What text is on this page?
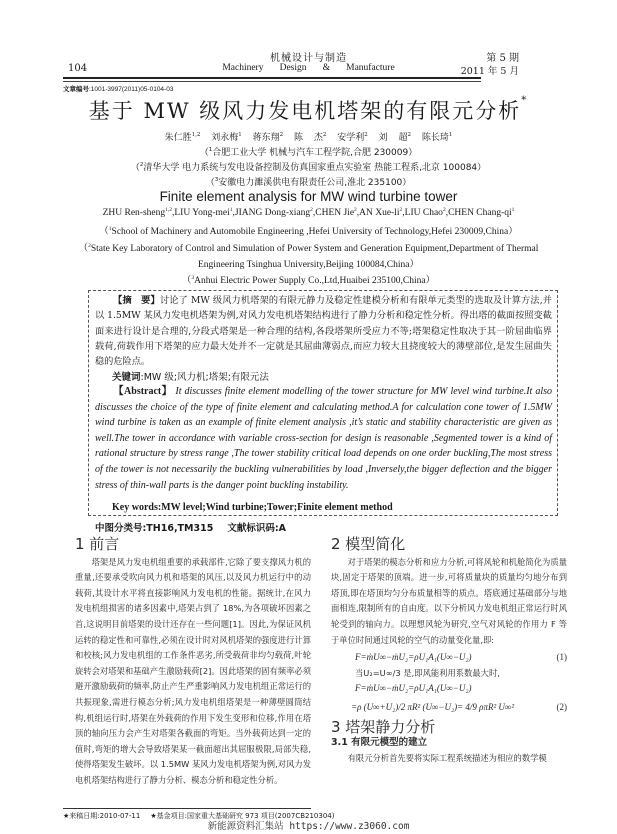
机械设计与制造	第 5 期
104	Machinery   Design   &   Manufacture	2011 年 5 月
文章编号:1001-3997(2011)05-0104-03
基于 MW 级风力发电机塔架的有限元分析*
朱仁胜$^{1,2}$ 刘永梅$^1$ 蒋东翔$^2$ 陈 杰$^2$ 安学利$^2$ 刘 超$^2$ 陈长琦$^1$
（$^1$合肥工业大学 机械与汽车工程学院,合肥 230009）
（$^2$清华大学 电力系统与发电设备控制及仿真国家重点实验室 热能工程系,北京 100084）
（$^3$安徽电力濉溪供电有限责任公司,淮北 235100）
Finite element analysis for MW wind turbine tower
ZHU Ren-sheng$^{1,2}$,LIU Yong-mei$^1$,JIANG Dong-xiang$^2$,CHEN Jie$^2$,AN Xue-$li^2,LIU$ Chao$^2$,CHEN Chang-$qi^1$
（$^1$School of Machinery and Automobile Engineering ,Hefei University of Technology,Hefei 230009,China）
（$^2$State Key Laboratory of Control and Simulation of Power System and Generation Equipment,Department of Thermal
Engineering Tsinghua University,Beijing 100084,China）
（$^3$Anhui Electric Power Supply Co.,Ltd,Huaibei 235100,China）
【摘　要】讨论了 MW 级风力机塔架的有限元静力及稳定性建模分析和有限单元类型的选取及计算方法,并以 1.5MW 某风力发电机塔架为例,对风力发电机塔架结构进行了静力分析和稳定性分析。得出塔的截面按照变截面来进行设计是合理的,分段式塔架是一种合理的结构,各段塔架所受应力不等;塔架稳定性取决于其一阶屈曲临界载荷,荷载作用下塔架的应力最大处并不一定就是其屈曲薄弱点,而应力较大且挠度较大的薄壁部位,是发生屈曲失稳的危险点。
关键词:MW 级;风力机;塔架;有限元法
【Abstract】 It discusses finite element modelling of the tower structure for MW level wind turbine.It also discusses the choice of the type of finite element and calculating method.A for calculation cone tower of 1.5MW wind turbine is taken as an example of finite element analysis ,it’s static and stability characteristic are given as well.The tower in accordance with variable cross-section for design is reasonable ,Segmented tower is a kind of rational structure by stress range ,The tower stability critical load depends on one order buckling,The most stress of the tower is not necessarily the buckling vulnerabilities by load ,Inversely,the bigger deflection and the bigger stress of thin-wall parts is the danger point buckling instability.
Key words:MW level;Wind turbine;Tower;Finite element method
中图分类号:TH16,TM315 文献标识码:A
1 前言

塔架是风力发电机组重要的承载部件,它除了要支撑风力机的重量,还要承受吹向风力机和塔架的风压,以及风力机运行中的动载荷,其设计水平将直接影响风力发电机的性能。据统计,在风力发电机组损害的诸多因素中,塔架占到了 18%,为各项破坏因素之首,这说明目前塔架的设计还存在一些问题[1]。因此,为保证风机运转的稳定性和可靠性,必须在设计时对风机塔架的强度进行计算和校核;风力发电机组的工作条件恶劣,所受载荷非均匀载荷,叶轮旋转会对塔架和基础产生激励载荷[2]。因此塔架的固有频率必须避开激励载荷的频率,防止产生严重影响风力发电机组正常运行的共振现象,需进行模态分析;风力发电机组塔架是一种薄壁圆筒结构,机组运行时,塔架在外载荷的作用下发生变形和位移,作用在塔顶的轴向压力会产生对塔架各截面的弯矩。当外载荷达到一定的值时,弯矩的增大会导致塔架某一截面超出其屈服极限,局部失稳,使得塔架发生破坏。以 1.5MW 某风力发电机塔架为例,对风力发电机塔架结构进行了静力分析、模态分析和稳定性分析。

2 模型简化

对于塔架的模态分析和应力分析,可将风轮和机舱简化为质量块,固定于塔架的顶端。进一步,可将质量块的质量均匀地分布到塔顶,即在塔顶均匀分布质量相等的质点。塔底通过基础部分与地面相连,限制所有的自由度。以下分析风力发电机组正常运行时风轮受到的轴向力。以理想风轮为研究,空气对风轮的作用力 F 等于单位时间通过风轮的空气的动量变化量,即:

F=ṁU∞−ṁU₂=ρU₁A₁(U∞−U₂)	(1)
当U₂=U∞/3 是,即风能利用系数最大时,
F=ṁU∞−ṁU₂=ρU₁A₁(U∞−U₂)
=ρ (U∞+U₂)/2 πR² (U∞−U₂)= 4/9 ρπR² U∞²	(2)
3 塔架静力分析
3.1 有限元模型的建立

有限元分析首先要将实际工程系统描述为相应的数学模

★来稿日期:2010-07-11 ★基金项目:国家重大基础研究 973 项目(2007CB210304)
新能源资料汇集站 https://www.z3060.com
